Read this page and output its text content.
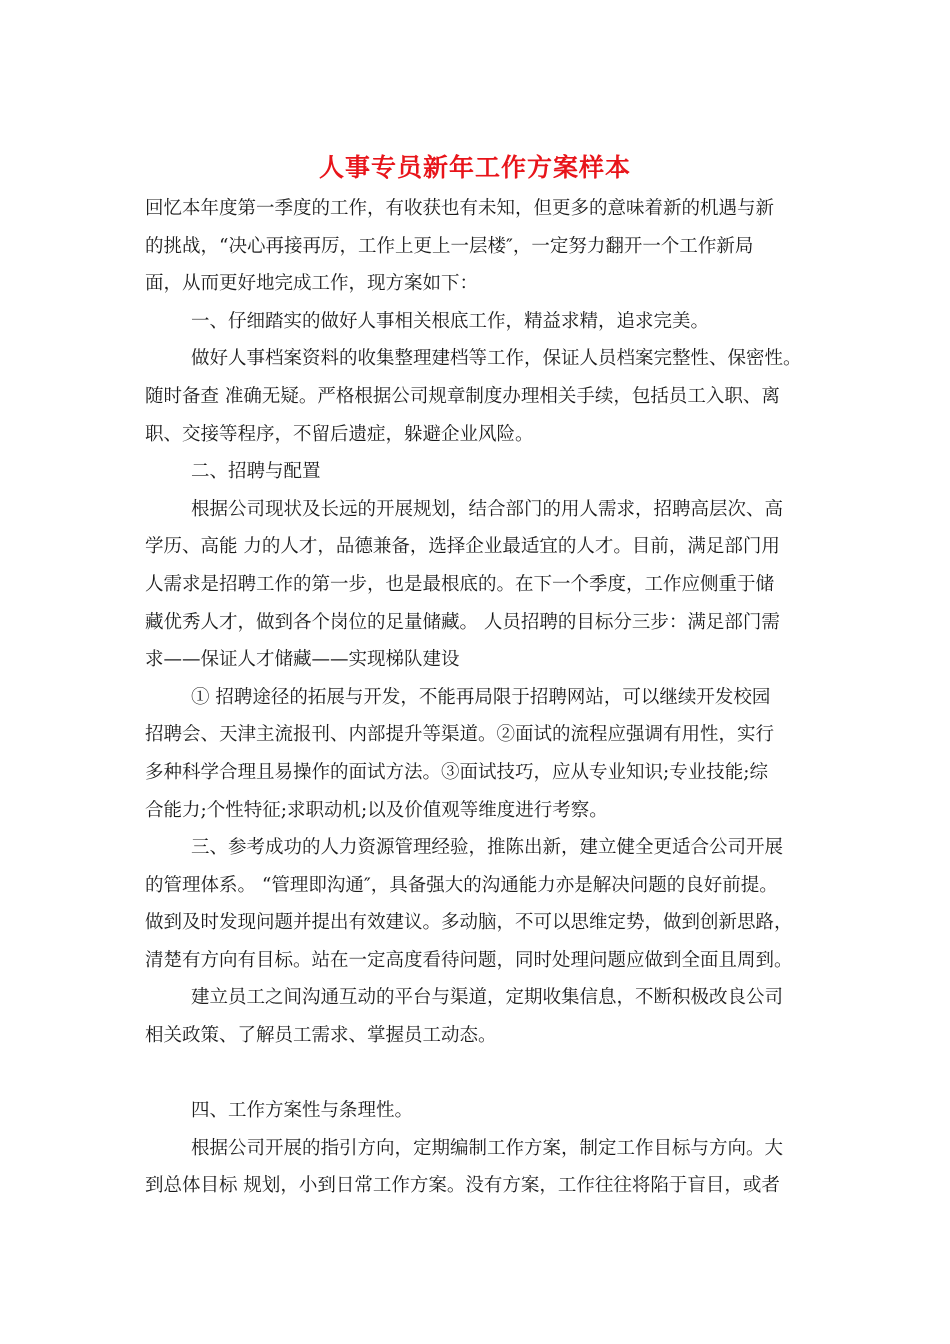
人事专员新年工作方案样本
回忆本年度第一季度的工作，有收获也有未知，但更多的意味着新的机遇与新
的挑战，“决心再接再厉，工作上更上一层楼″，一定努力翻开一个工作新局
面，从而更好地完成工作，现方案如下：
一、仔细踏实的做好人事相关根底工作，精益求精，追求完美。
做好人事档案资料的收集整理建档等工作，保证人员档案完整性、保密性。
随时备查 准确无疑。严格根据公司规章制度办理相关手续，包括员工入职、离
职、交接等程序，不留后遗症，躲避企业风险。
二、招聘与配置
根据公司现状及长远的开展规划，结合部门的用人需求，招聘高层次、高
学历、高能 力的人才，品德兼备，选择企业最适宜的人才。目前，满足部门用
人需求是招聘工作的第一步，也是最根底的。在下一个季度，工作应侧重于储
藏优秀人才，做到各个岗位的足量储藏。 人员招聘的目标分三步：满足部门需
求——保证人才储藏——实现梯队建设
① 招聘途径的拓展与开发，不能再局限于招聘网站，可以继续开发校园
招聘会、天津主流报刊、内部提升等渠道。②面试的流程应强调有用性，实行
多种科学合理且易操作的面试方法。③面试技巧，应从专业知识;专业技能;综
合能力;个性特征;求职动机;以及价值观等维度进行考察。
三、参考成功的人力资源管理经验，推陈出新，建立健全更适合公司开展
的管理体系。 “管理即沟通″，具备强大的沟通能力亦是解决问题的良好前提。
做到及时发现问题并提出有效建议。多动脑，不可以思维定势，做到创新思路，
清楚有方向有目标。站在一定高度看待问题，同时处理问题应做到全面且周到。
建立员工之间沟通互动的平台与渠道，定期收集信息，不断积极改良公司
相关政策、了解员工需求、掌握员工动态。
四、工作方案性与条理性。
根据公司开展的指引方向，定期编制工作方案，制定工作目标与方向。大
到总体目标 规划，小到日常工作方案。没有方案，工作往往将陷于盲目，或者
